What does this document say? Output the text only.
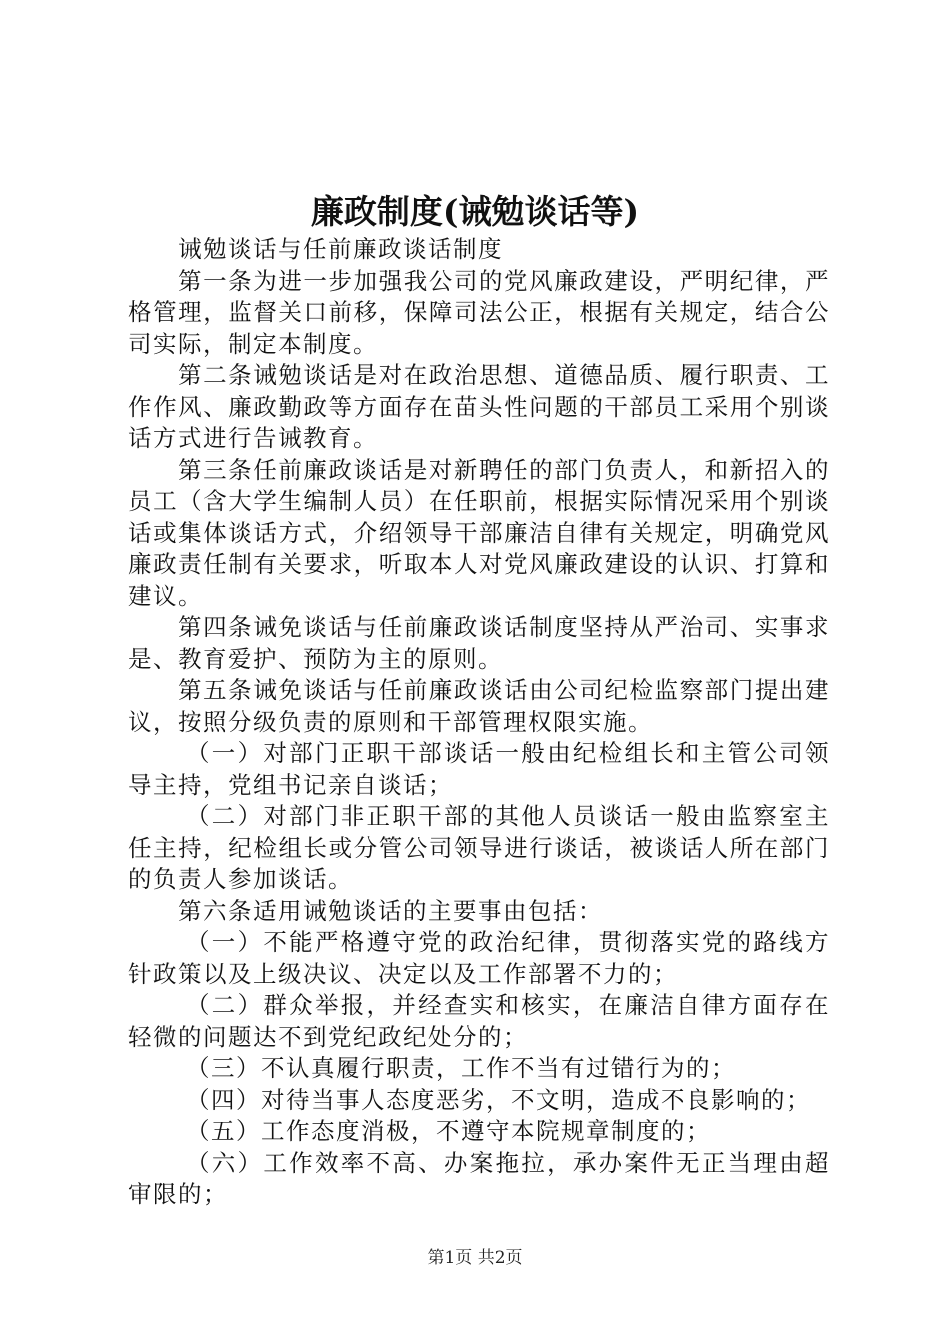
廉政制度(诫勉谈话等)

诫勉谈话与任前廉政谈话制度

第一条为进一步加强我公司的党风廉政建设，严明纪律，严格管理，监督关口前移，保障司法公正，根据有关规定，结合公司实际，制定本制度。

第二条诫勉谈话是对在政治思想、道德品质、履行职责、工作作风、廉政勤政等方面存在苗头性问题的干部员工采用个别谈话方式进行告诫教育。

第三条任前廉政谈话是对新聘任的部门负责人，和新招入的员工（含大学生编制人员）在任职前，根据实际情况采用个别谈话或集体谈话方式，介绍领导干部廉洁自律有关规定，明确党风廉政责任制有关要求，听取本人对党风廉政建设的认识、打算和建议。

第四条诫免谈话与任前廉政谈话制度坚持从严治司、实事求是、教育爱护、预防为主的原则。

第五条诫免谈话与任前廉政谈话由公司纪检监察部门提出建议，按照分级负责的原则和干部管理权限实施。

（一）对部门正职干部谈话一般由纪检组长和主管公司领导主持，党组书记亲自谈话；

（二）对部门非正职干部的其他人员谈话一般由监察室主任主持，纪检组长或分管公司领导进行谈话，被谈话人所在部门的负责人参加谈话。

第六条适用诫勉谈话的主要事由包括：

（一）不能严格遵守党的政治纪律，贯彻落实党的路线方针政策以及上级决议、决定以及工作部署不力的；

（二）群众举报，并经查实和核实，在廉洁自律方面存在轻微的问题达不到党纪政纪处分的；

（三）不认真履行职责，工作不当有过错行为的；

（四）对待当事人态度恶劣，不文明，造成不良影响的；

（五）工作态度消极，不遵守本院规章制度的；

（六）工作效率不高、办案拖拉，承办案件无正当理由超审限的；

第1页 共2页
